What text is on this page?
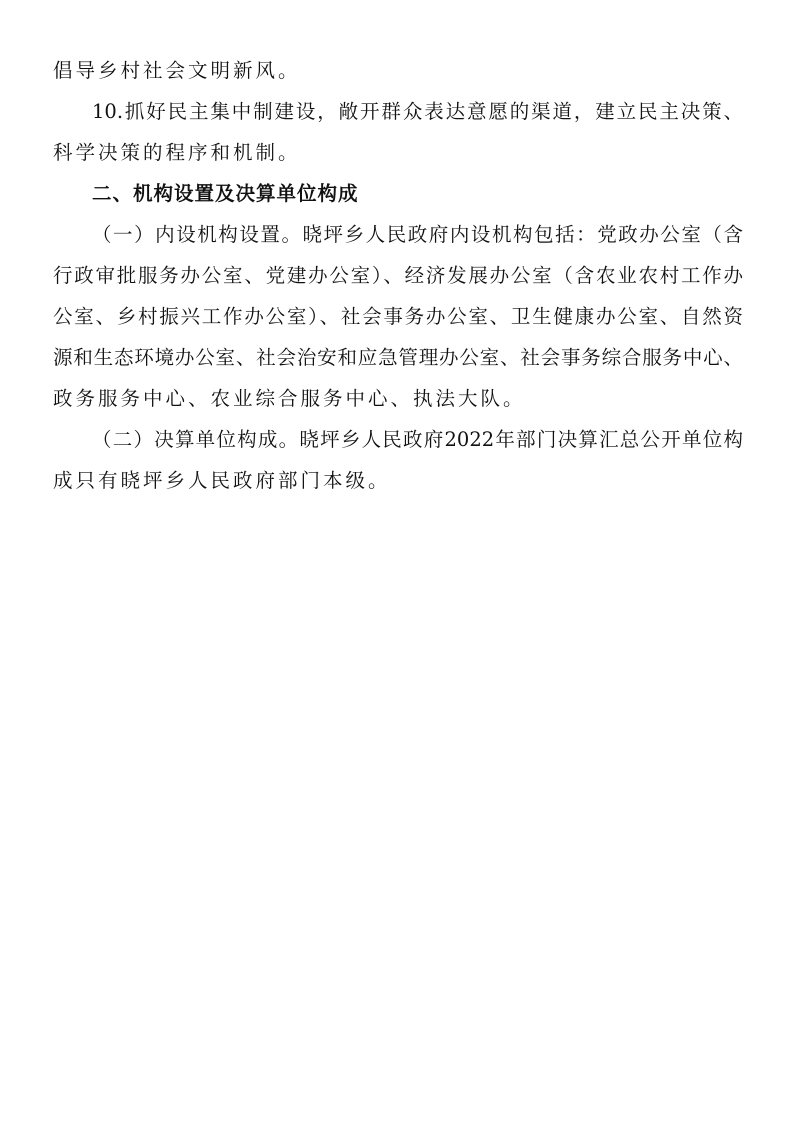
倡导乡村社会文明新风。
10.抓好民主集中制建设，敞开群众表达意愿的渠道，建立民主决策、
科学决策的程序和机制。
二、机构设置及决算单位构成
（一）内设机构设置。晓坪乡人民政府内设机构包括：党政办公室（含
行政审批服务办公室、党建办公室）、经济发展办公室（含农业农村工作办
公室、乡村振兴工作办公室）、社会事务办公室、卫生健康办公室、自然资
源和生态环境办公室、社会治安和应急管理办公室、社会事务综合服务中心、
政务服务中心、农业综合服务中心、执法大队。
（二）决算单位构成。晓坪乡人民政府2022年部门决算汇总公开单位构
成只有晓坪乡人民政府部门本级。
